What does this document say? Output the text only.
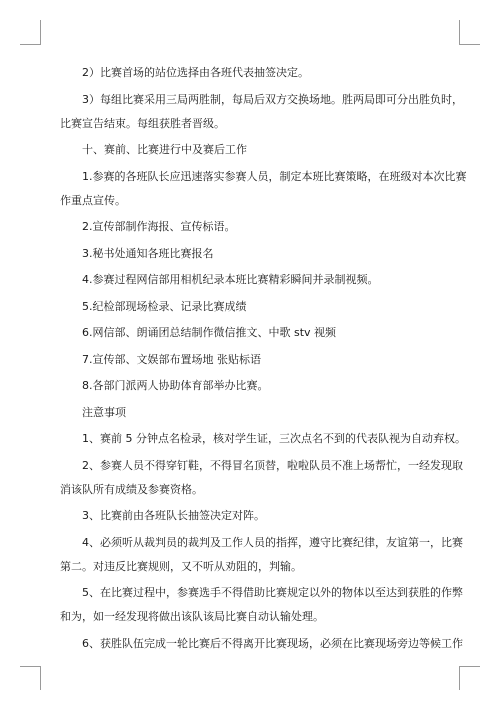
2）比赛首场的站位选择由各班代表抽签决定。
3）每组比赛采用三局两胜制，每局后双方交换场地。胜两局即可分出胜负时，
比赛宣告结束。每组获胜者晋级。
十、赛前、比赛进行中及赛后工作
1.参赛的各班队长应迅速落实参赛人员，制定本班比赛策略，在班级对本次比赛
作重点宣传。
2.宣传部制作海报、宣传标语。
3.秘书处通知各班比赛报名
4.参赛过程网信部用相机纪录本班比赛精彩瞬间并录制视频。
5.纪检部现场检录、记录比赛成绩
6.网信部、朗诵团总结制作微信推文、中歌 stv 视频
7.宣传部、文娱部布置场地 张贴标语
8.各部门派两人协助体育部举办比赛。
注意事项
1、赛前 5 分钟点名检录，核对学生证，三次点名不到的代表队视为自动弃权。
2、参赛人员不得穿钉鞋，不得冒名顶替，啦啦队员不准上场帮忙，一经发现取
消该队所有成绩及参赛资格。
3、比赛前由各班队长抽签决定对阵。
4、必须听从裁判员的裁判及工作人员的指挥，遵守比赛纪律，友谊第一，比赛
第二。对违反比赛规则，又不听从劝阻的，判输。
5、在比赛过程中，参赛选手不得借助比赛规定以外的物体以至达到获胜的作弊
和为，如一经发现将做出该队该局比赛自动认输处理。
6、获胜队伍完成一轮比赛后不得离开比赛现场，必须在比赛现场旁边等候工作
